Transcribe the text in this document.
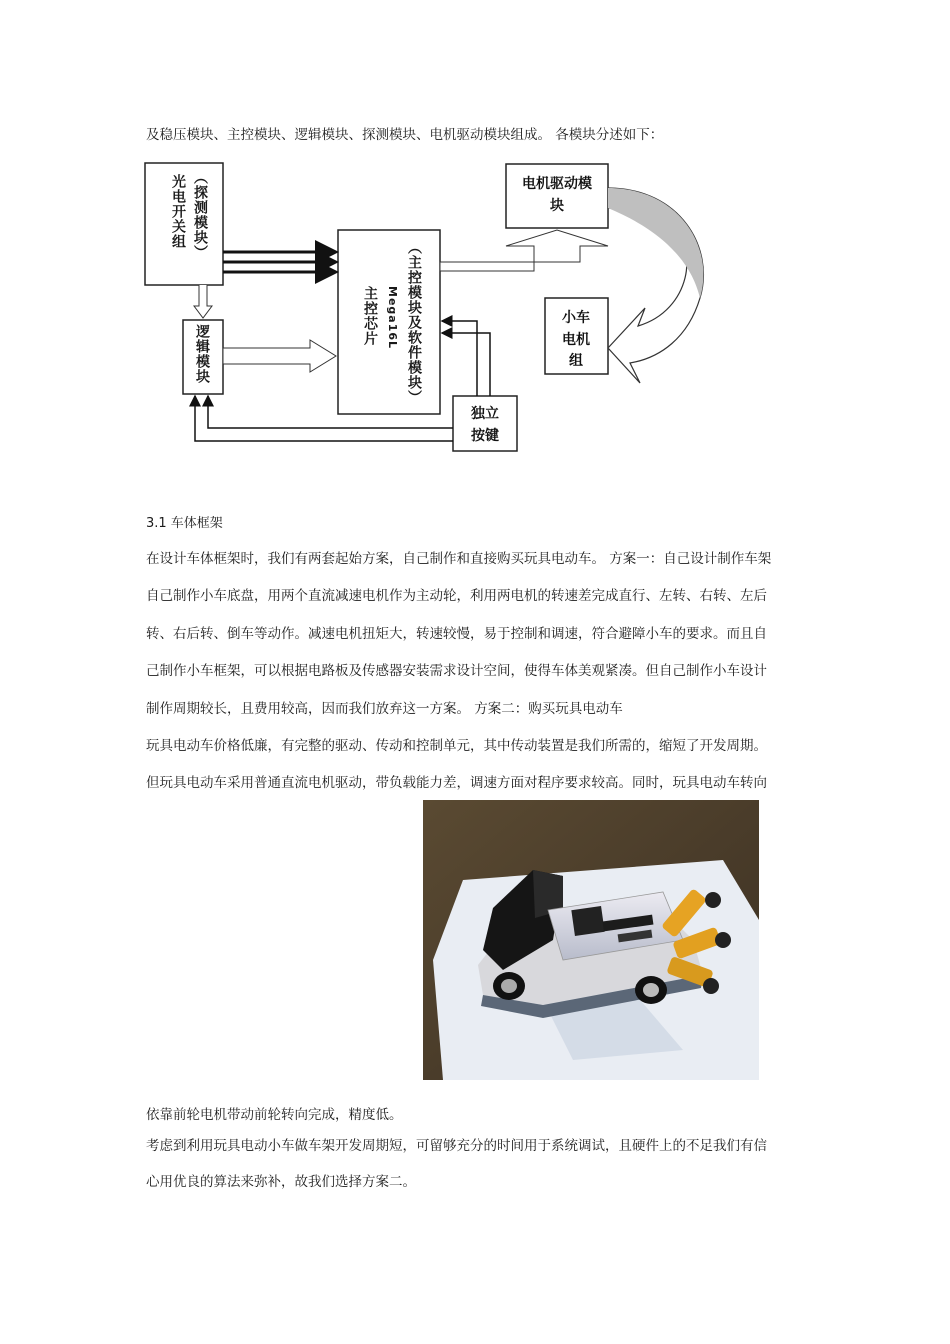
及稳压模块、主控模块、逻辑模块、探测模块、电机驱动模块组成。 各模块分述如下：
电机驱动模
块
小车
电机
组
独立
按键
光电开关组 （探测模块）
逻辑模块
主控芯片 Mega16L （主控模块及软件模块）
3.1 车体框架
在设计车体框架时，我们有两套起始方案，自己制作和直接购买玩具电动车。 方案一：自己设计制作车架
自己制作小车底盘，用两个直流减速电机作为主动轮，利用两电机的转速差完成直行、左转、右转、左后
转、右后转、倒车等动作。减速电机扭矩大，转速较慢，易于控制和调速，符合避障小车的要求。而且自
己制作小车框架，可以根据电路板及传感器安装需求设计空间，使得车体美观紧凑。但自己制作小车设计
制作周期较长，且费用较高，因而我们放弃这一方案。 方案二：购买玩具电动车
玩具电动车价格低廉，有完整的驱动、传动和控制单元，其中传动装置是我们所需的，缩短了开发周期。
但玩具电动车采用普通直流电机驱动，带负载能力差，调速方面对程序要求较高。同时，玩具电动车转向
依靠前轮电机带动前轮转向完成，精度低。
考虑到利用玩具电动小车做车架开发周期短，可留够充分的时间用于系统调试，且硬件上的不足我们有信
心用优良的算法来弥补，故我们选择方案二。
